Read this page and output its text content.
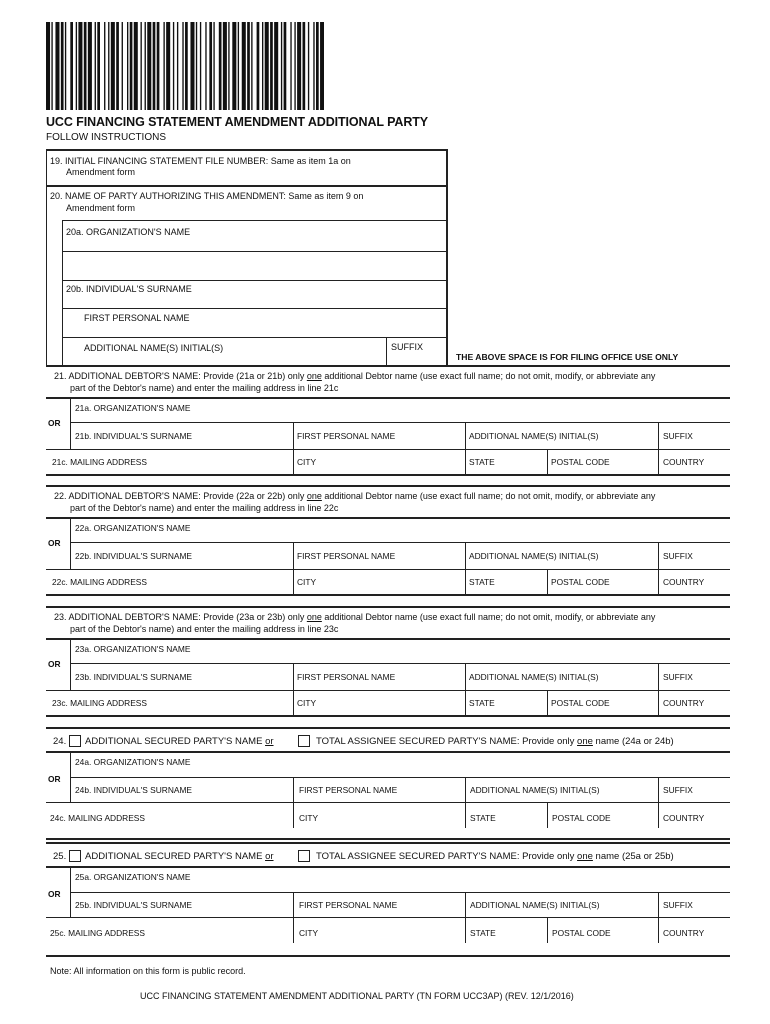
UCC FINANCING STATEMENT AMENDMENT ADDITIONAL PARTY
FOLLOW INSTRUCTIONS
19. INITIAL FINANCING STATEMENT FILE NUMBER: Same as item 1a on
Amendment form
20. NAME OF PARTY AUTHORIZING THIS AMENDMENT: Same as item 9 on
Amendment form
20a. ORGANIZATION'S NAME
20b. INDIVIDUAL'S SURNAME
FIRST PERSONAL NAME
ADDITIONAL NAME(S) INITIAL(S)	SUFFIX
THE ABOVE SPACE IS FOR FILING OFFICE USE ONLY
21. ADDITIONAL DEBTOR'S NAME: Provide (21a or 21b) only one additional Debtor name (use exact full name; do not omit, modify, or abbreviate any
part of the Debtor's name) and enter the mailing address in line 21c
21a. ORGANIZATION'S NAME
OR
21b. INDIVIDUAL'S SURNAME	FIRST PERSONAL NAME	ADDITIONAL NAME(S) INITIAL(S)	SUFFIX
21c. MAILING ADDRESS	CITY	STATE	POSTAL CODE	COUNTRY
22. ADDITIONAL DEBTOR'S NAME: Provide (22a or 22b) only one additional Debtor name (use exact full name; do not omit, modify, or abbreviate any
part of the Debtor's name) and enter the mailing address in line 22c
22a. ORGANIZATION'S NAME
OR
22b. INDIVIDUAL'S SURNAME	FIRST PERSONAL NAME	ADDITIONAL NAME(S) INITIAL(S)	SUFFIX
22c. MAILING ADDRESS	CITY	STATE	POSTAL CODE	COUNTRY
23. ADDITIONAL DEBTOR'S NAME: Provide (23a or 23b) only one additional Debtor name (use exact full name; do not omit, modify, or abbreviate any
part of the Debtor's name) and enter the mailing address in line 23c
23a. ORGANIZATION'S NAME
OR
23b. INDIVIDUAL'S SURNAME	FIRST PERSONAL NAME	ADDITIONAL NAME(S) INITIAL(S)	SUFFIX
23c. MAILING ADDRESS	CITY	STATE	POSTAL CODE	COUNTRY
24. ADDITIONAL SECURED PARTY'S NAME or	TOTAL ASSIGNEE SECURED PARTY'S NAME: Provide only one name (24a or 24b)
24a. ORGANIZATION'S NAME
OR
24b. INDIVIDUAL'S SURNAME	FIRST PERSONAL NAME	ADDITIONAL NAME(S) INITIAL(S)	SUFFIX
24c. MAILING ADDRESS	CITY	STATE	POSTAL CODE	COUNTRY
25. ADDITIONAL SECURED PARTY'S NAME or	TOTAL ASSIGNEE SECURED PARTY'S NAME: Provide only one name (25a or 25b)
25a. ORGANIZATION'S NAME
OR
25b. INDIVIDUAL'S SURNAME	FIRST PERSONAL NAME	ADDITIONAL NAME(S) INITIAL(S)	SUFFIX
25c. MAILING ADDRESS	CITY	STATE	POSTAL CODE	COUNTRY
Note: All information on this form is public record.
UCC FINANCING STATEMENT AMENDMENT ADDITIONAL PARTY (TN FORM UCC3AP) (REV. 12/1/2016)
